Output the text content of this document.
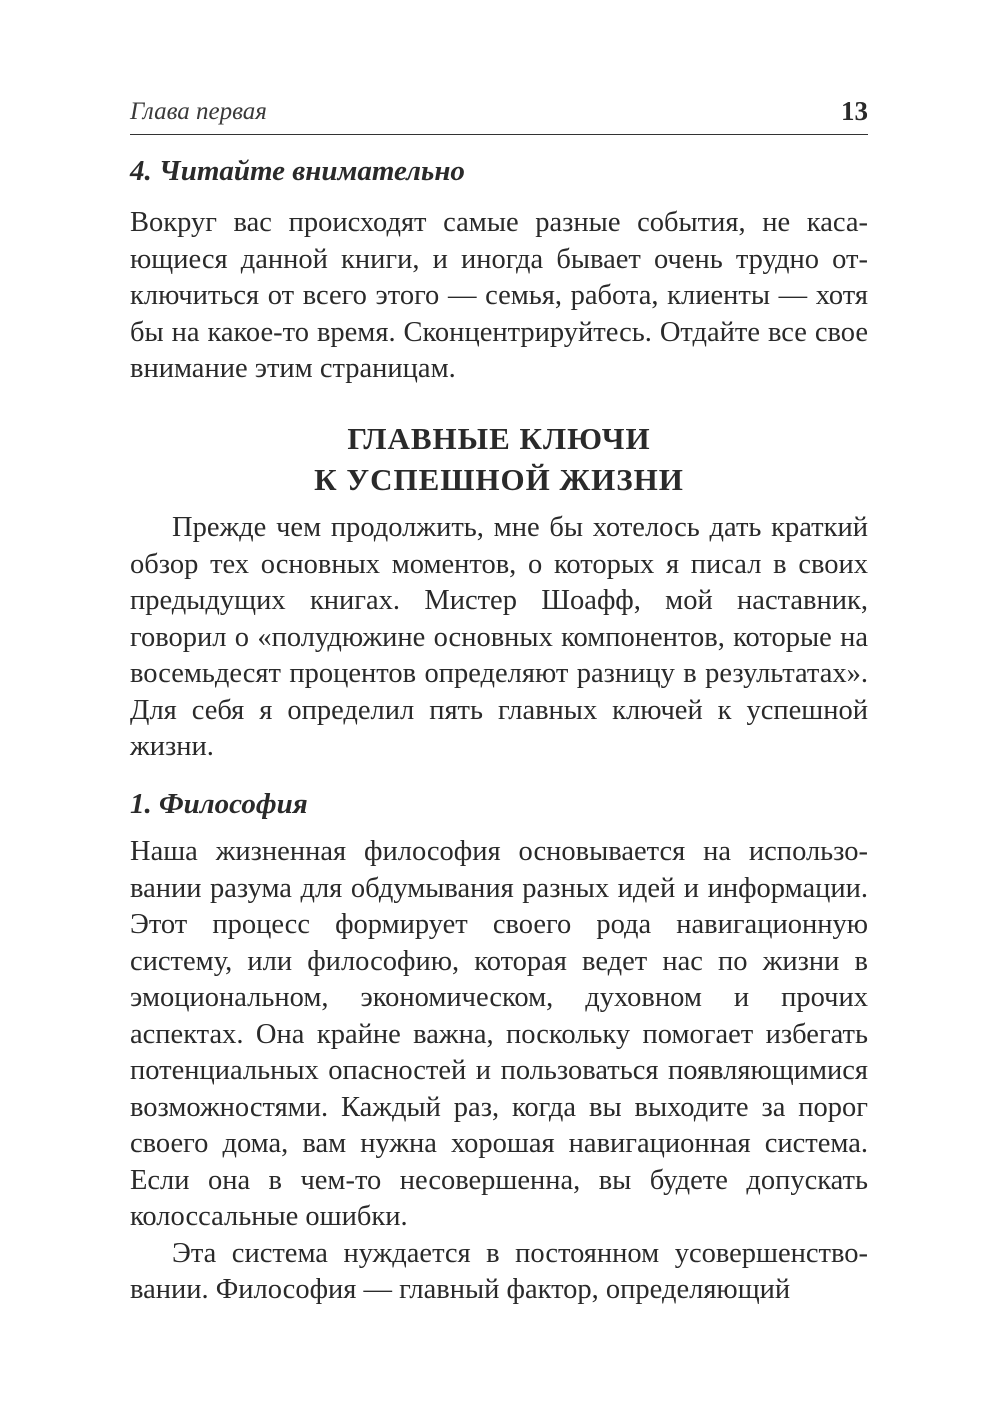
Глава первая	13
4. Читайте внимательно

Вокруг вас происходят самые разные события, не касающиеся данной книги, и иногда бывает очень трудно отключиться от всего этого — семья, работа, клиенты — хотя бы на какое-то время. Сконцентрируйтесь. Отдайте все свое внимание этим страницам.

ГЛАВНЫЕ КЛЮЧИ
К УСПЕШНОЙ ЖИЗНИ

Прежде чем продолжить, мне бы хотелось дать краткий обзор тех основных моментов, о которых я писал в своих предыдущих книгах. Мистер Шоафф, мой наставник, говорил о «полудюжине основных компонентов, которые на восемьдесят процентов определяют разницу в результатах». Для себя я определил пять главных ключей к успешной жизни.

1. Философия

Наша жизненная философия основывается на использовании разума для обдумывания разных идей и информации. Этот процесс формирует своего рода навигационную систему, или философию, которая ведет нас по жизни в эмоциональном, экономическом, духовном и прочих аспектах. Она крайне важна, поскольку помогает избегать потенциальных опасностей и пользоваться появляющимися возможностями. Каждый раз, когда вы выходите за порог своего дома, вам нужна хорошая навигационная система. Если она в чем-то несовершенна, вы будете допускать колоссальные ошибки.

Эта система нуждается в постоянном усовершенствовании. Философия — главный фактор, определяющий
